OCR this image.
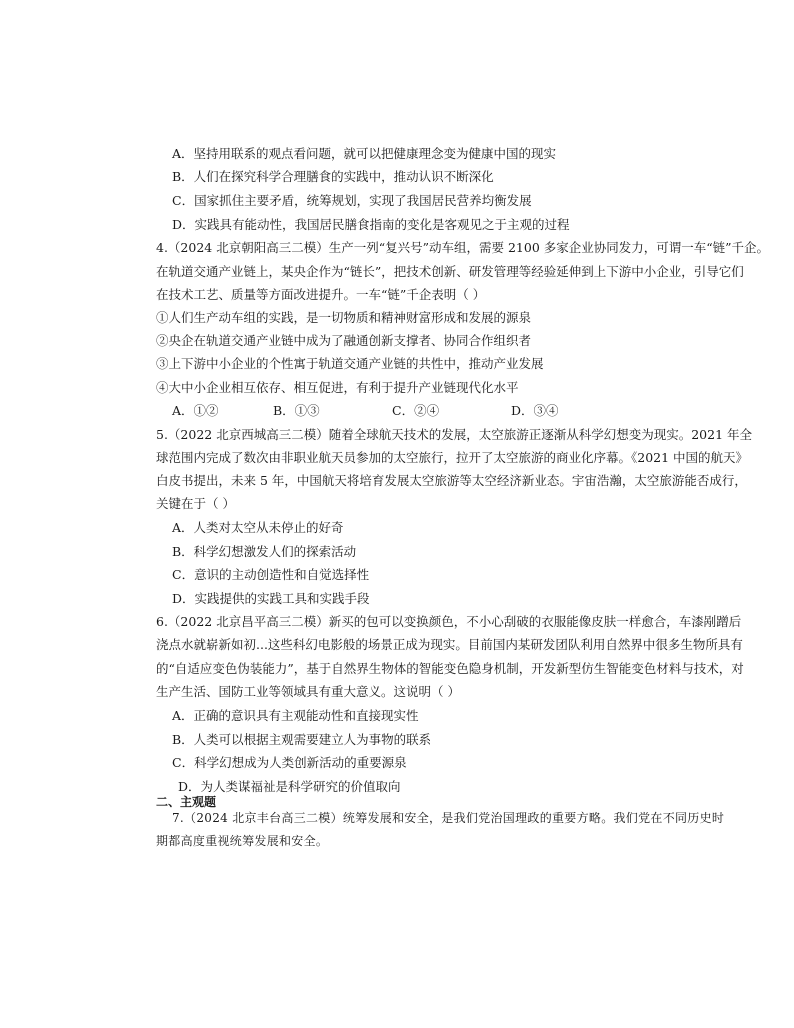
A．坚持用联系的观点看问题，就可以把健康理念变为健康中国的现实
B．人们在探究科学合理膳食的实践中，推动认识不断深化
C．国家抓住主要矛盾，统筹规划，实现了我国居民营养均衡发展
D．实践具有能动性，我国居民膳食指南的变化是客观见之于主观的过程
4.（2024 北京朝阳高三二模）生产一列“复兴号”动车组，需要 2100 多家企业协同发力，可谓一车“链”千企。
在轨道交通产业链上，某央企作为“链长”，把技术创新、研发管理等经验延伸到上下游中小企业，引导它们
在技术工艺、质量等方面改进提升。一车“链”千企表明（ ）
①人们生产动车组的实践，是一切物质和精神财富形成和发展的源泉
②央企在轨道交通产业链中成为了融通创新支撑者、协同合作组织者
③上下游中小企业的个性寓于轨道交通产业链的共性中，推动产业发展
④大中小企业相互依存、相互促进，有利于提升产业链现代化水平
A．①②	B．①③	C．②④	D．③④
5.（2022 北京西城高三二模）随着全球航天技术的发展，太空旅游正逐渐从科学幻想变为现实。2021 年全
球范围内完成了数次由非职业航天员参加的太空旅行，拉开了太空旅游的商业化序幕。《2021 中国的航天》
白皮书提出，未来 5 年，中国航天将培育发展太空旅游等太空经济新业态。宇宙浩瀚，太空旅游能否成行，
关键在于（ ）
A．人类对太空从未停止的好奇
B．科学幻想激发人们的探索活动
C．意识的主动创造性和自觉选择性
D．实践提供的实践工具和实践手段
6.（2022 北京昌平高三二模）新买的包可以变换颜色，不小心刮破的衣服能像皮肤一样愈合，车漆剐蹭后
浇点水就崭新如初...这些科幻电影般的场景正成为现实。目前国内某研发团队利用自然界中很多生物所具有
的“自适应变色伪装能力”，基于自然界生物体的智能变色隐身机制，开发新型仿生智能变色材料与技术，对
生产生活、国防工业等领域具有重大意义。这说明（ ）
A．正确的意识具有主观能动性和直接现实性
B．人类可以根据主观需要建立人为事物的联系
C．科学幻想成为人类创新活动的重要源泉
D．为人类谋福祉是科学研究的价值取向
二、主观题
7.（2024 北京丰台高三二模）统筹发展和安全，是我们党治国理政的重要方略。我们党在不同历史时
期都高度重视统筹发展和安全。
